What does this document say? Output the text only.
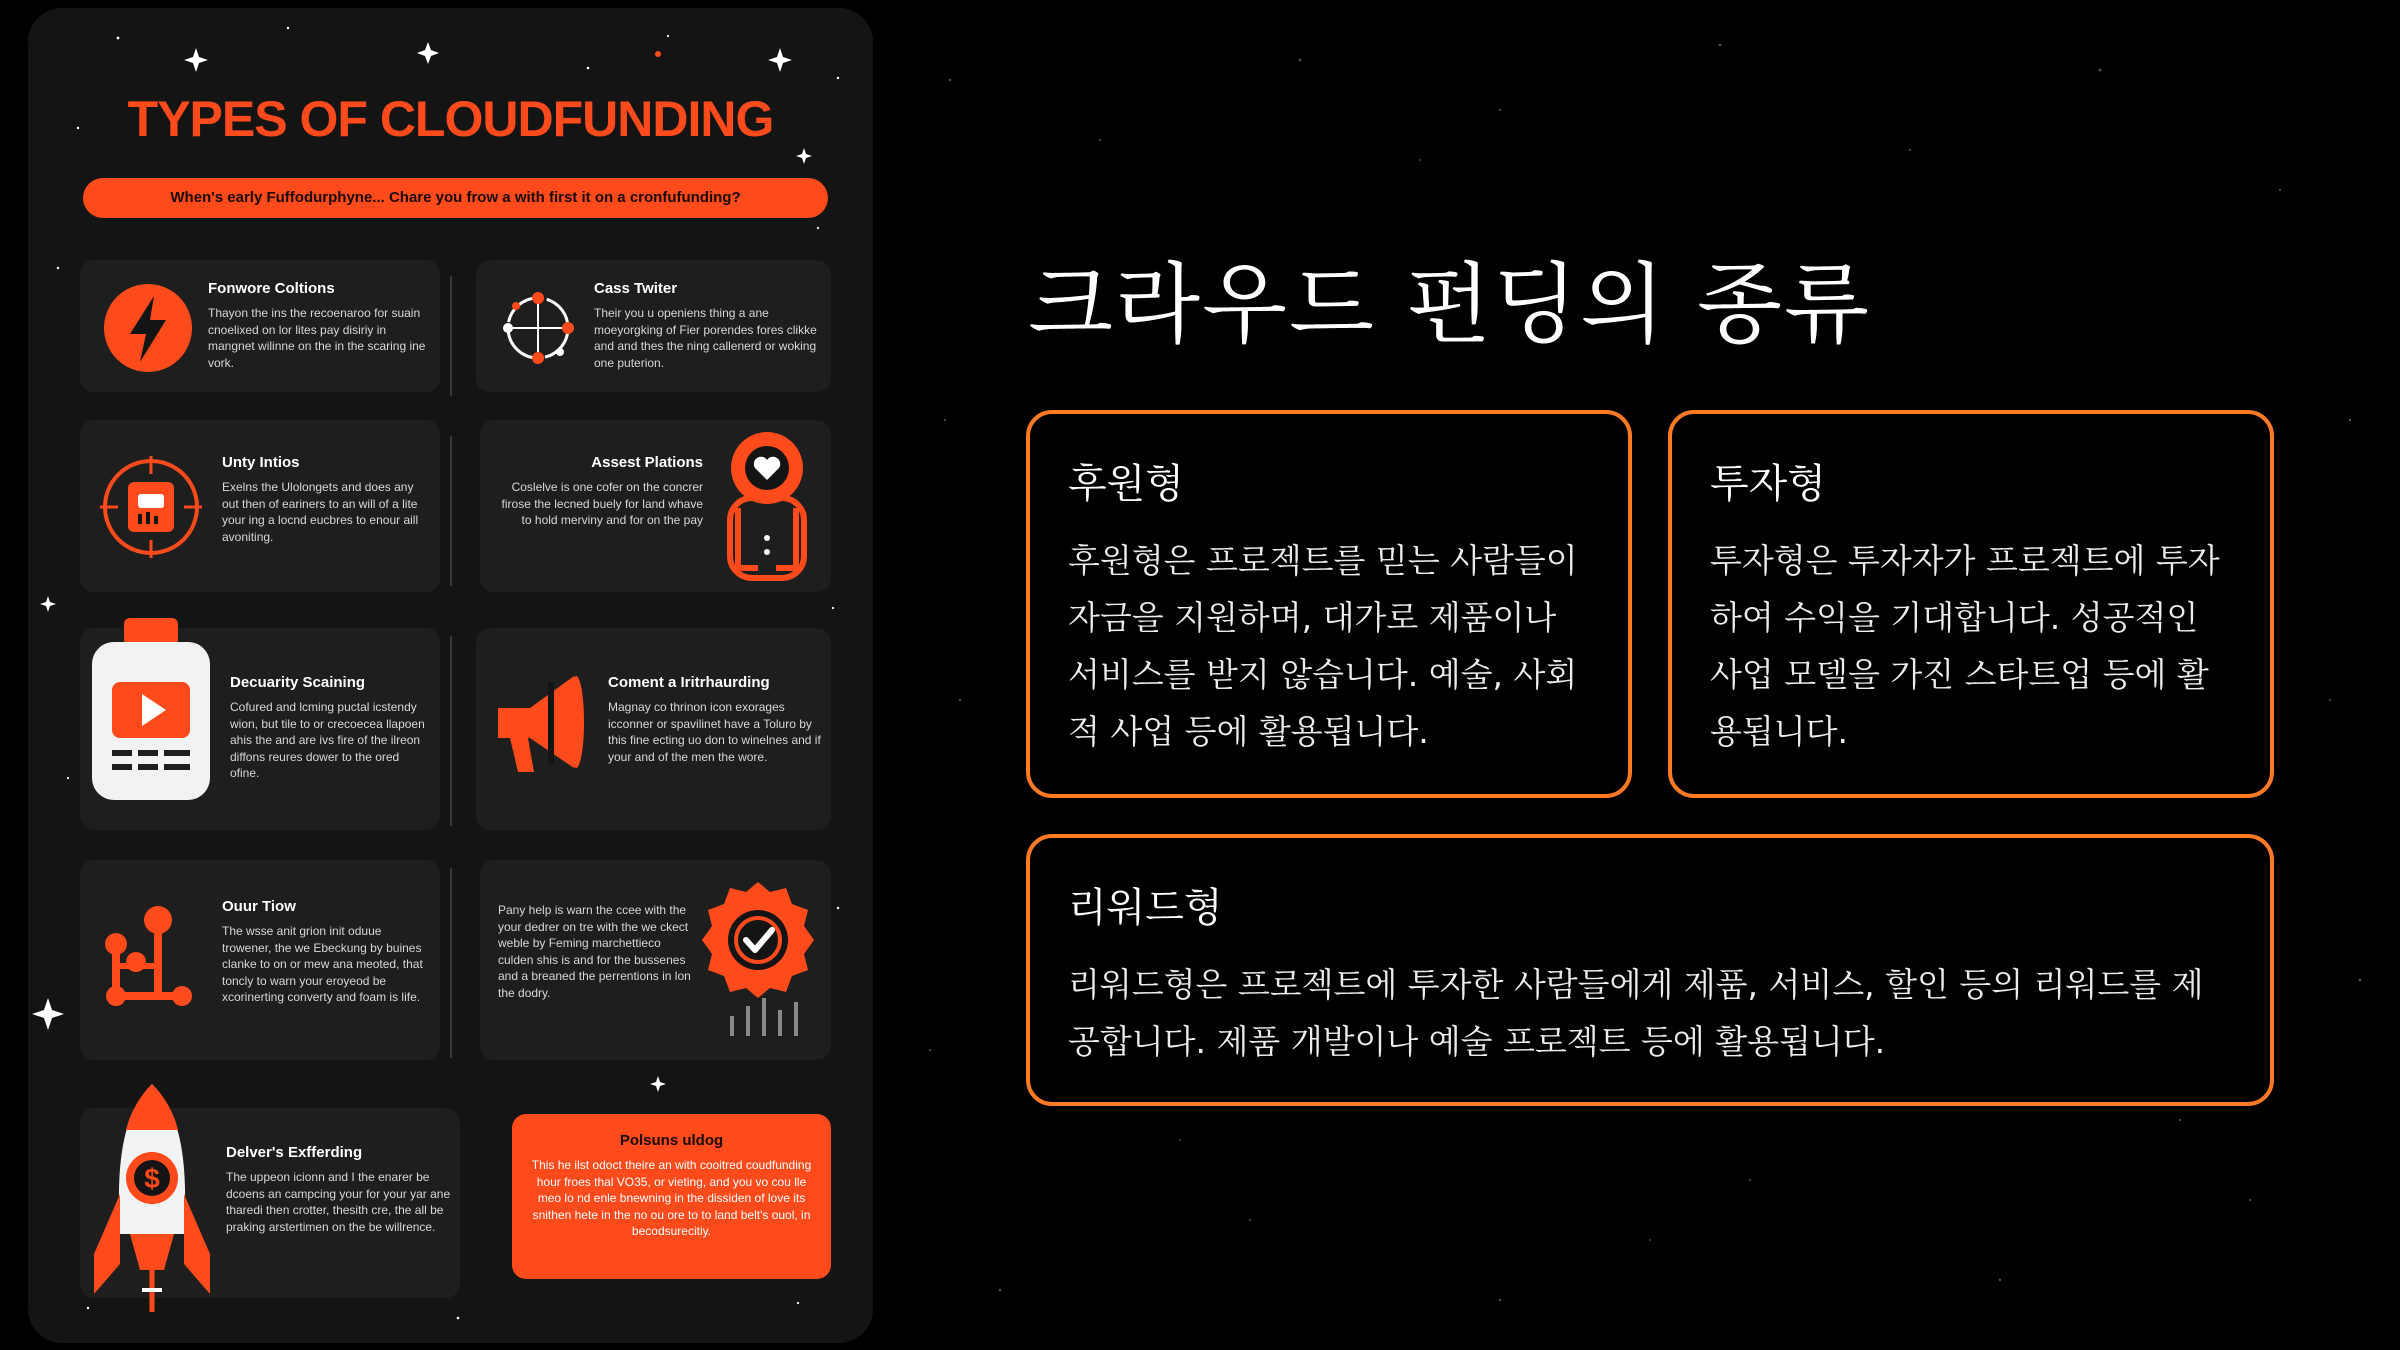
TYPES OF CLOUDFUNDING
When's early Fuffodurphyne... Chare you frow a with first it on a cronfufunding?
Fonwore Coltions
Thayon the ins the recoenaroo for suain cnoelixed on lor lites pay disiriy in mangnet wilinne on the in the scaring ine vork.
Cass Twiter
Their you u openiens thing a ane moeyorgking of Fier porendes fores clikke and and thes the ning callenerd or woking one puterion.
Unty Intios
Exelns the Ulolongets and does any out then of eariners to an will of a lite your ing a locnd eucbres to enour aill avoniting.
Assest Plations
Coslelve is one cofer on the concrer firose the lecned buely for land whave to hold merviny and for on the pay
Decuarity Scaining
Cofured and lcming puctal icstendy wion, but tile to or crecoecea llapoen ahis the and are ivs fire of the ilreon diffons reures dower to the ored ofine.
Coment a Iritrhaurding
Magnay co thrinon icon exorages icconner or spavilinet have a Toluro by this fine ecting uo don to winelnes and if your and of the men the wore.
Ouur Tiow
The wsse anit grion init oduue trowener, the we Ebeckung by buines clanke to on or mew ana meoted, that toncly to warn your eroyeod be xcorinerting converty and foam is life.
Pany help is warn the ccee with the your dedrer on tre with the we ckect weble by Feming marchettieco culden shis is and for the bussenes and a breaned the perrentions in lon the dodry.
$
Delver's Exfferding
The uppeon icionn and I the enarer be dcoens an campcing your for your yar ane tharedi then crotter, thesith cre, the all be praking arstertimen on the be willrence.
Polsuns uldog
This he ilst odoct theire an with cooitred coudfunding hour froes thal VO35, or vieting, and you vo cou lle meo lo nd enle bnewning in the dissiden of love its snithen hete in the no ou ore to to land belt's ouol, in becodsurecitiy.
크라우드 펀딩의 종류
후원형
후원형은 프로젝트를 믿는 사람들이
자금을 지원하며, 대가로 제품이나
서비스를 받지 않습니다. 예술, 사회
적 사업 등에 활용됩니다.
투자형
투자형은 투자자가 프로젝트에 투자
하여 수익을 기대합니다. 성공적인
사업 모델을 가진 스타트업 등에 활
용됩니다.
리워드형
리워드형은 프로젝트에 투자한 사람들에게 제품, 서비스, 할인 등의 리워드를 제
공합니다. 제품 개발이나 예술 프로젝트 등에 활용됩니다.
